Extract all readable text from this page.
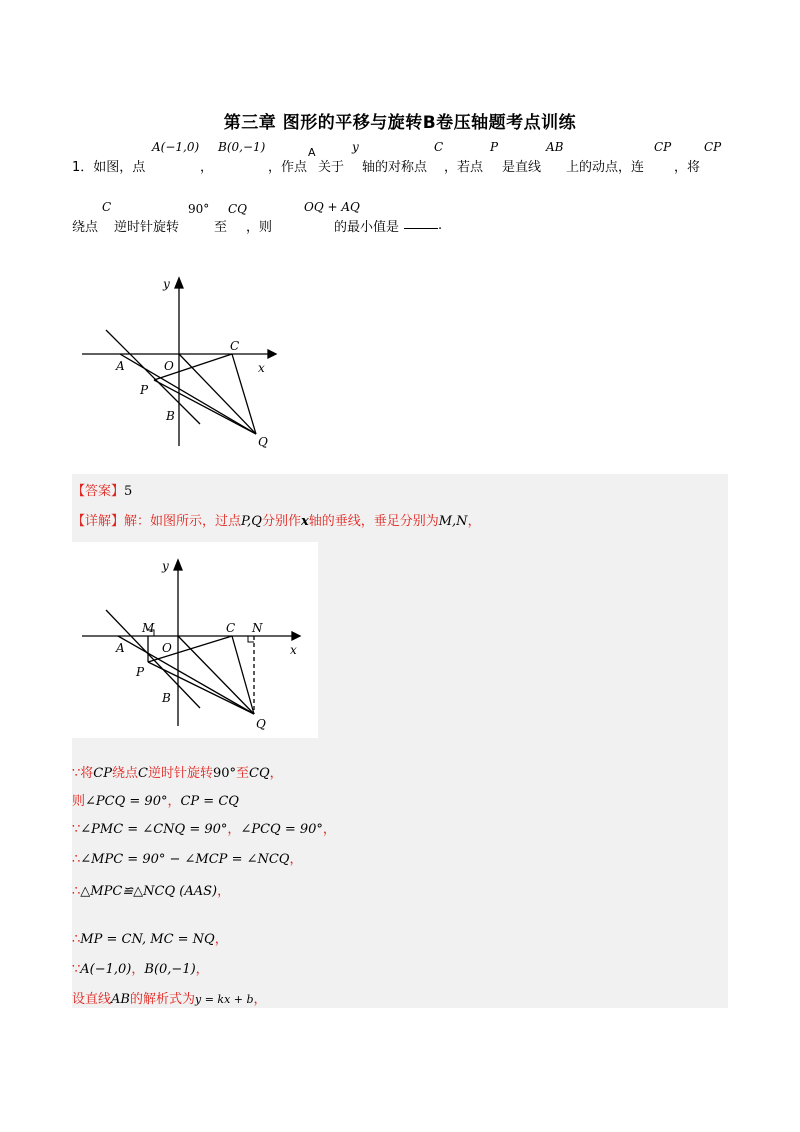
第三章 图形的平移与旋转B卷压轴题考点训练
1．如图，点
A(−1,0)
，
B(0,−1)
，作点
A
关于
y
轴的对称点
C
，若点
P
是直线
AB
上的动点，连
CP
，将
CP
绕点
C
逆时针旋转
90°
至
CQ
，则
OQ + AQ
的最小值是	.
y
x
A	O
C
P
B
Q
【答案】5
【详解】解：如图所示，过点P,Q分别作x轴的垂线，垂足分别为M,N，
y
x
A	O
C
M	N
P
B
Q
∵将CP绕点C逆时针旋转90°至CQ，
则∠PCQ = 90°，CP = CQ
∵∠PMC = ∠CNQ = 90°，∠PCQ = 90°，
∴∠MPC = 90° − ∠MCP = ∠NCQ，
∴△MPC≌△NCQ (AAS)，
∴MP = CN, MC = NQ，
∵A(−1,0)，B(0,−1)，
设直线AB的解析式为y = kx + b，
